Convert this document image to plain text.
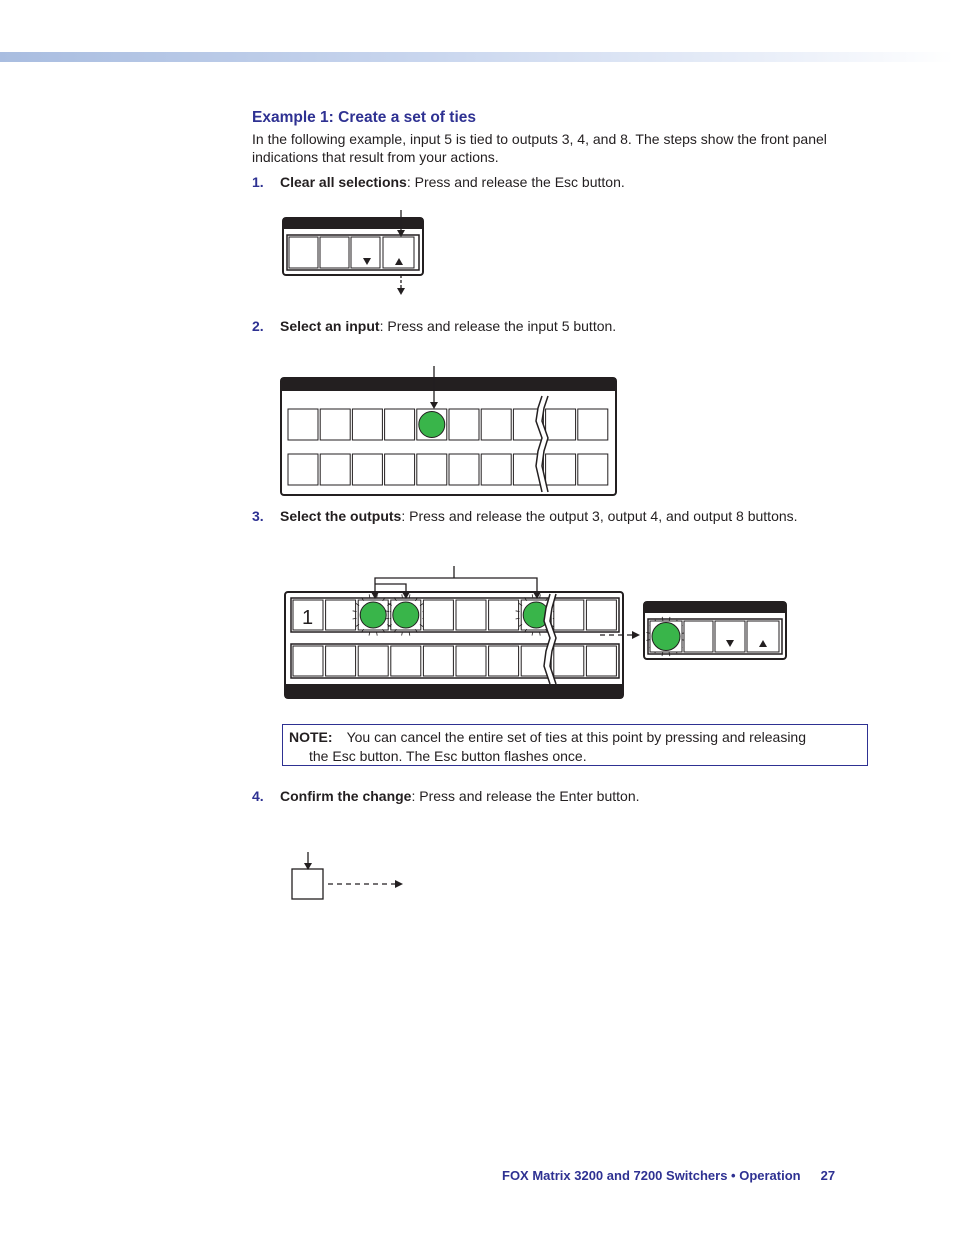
Example 1: Create a set of ties

In the following example, input 5 is tied to outputs 3, 4, and 8. The steps show the front panel indications that result from your actions.

1. Clear all selections: Press and release the Esc button.
2. Select an input: Press and release the input 5 button.
3. Select the outputs: Press and release the output 3, output 4, and output 8 buttons.
1
NOTE: You can cancel the entire set of ties at this point by pressing and releasing
the Esc button. The Esc button flashes once.
4. Confirm the change: Press and release the Enter button.
FOX Matrix 3200 and 7200 Switchers • Operation 27
